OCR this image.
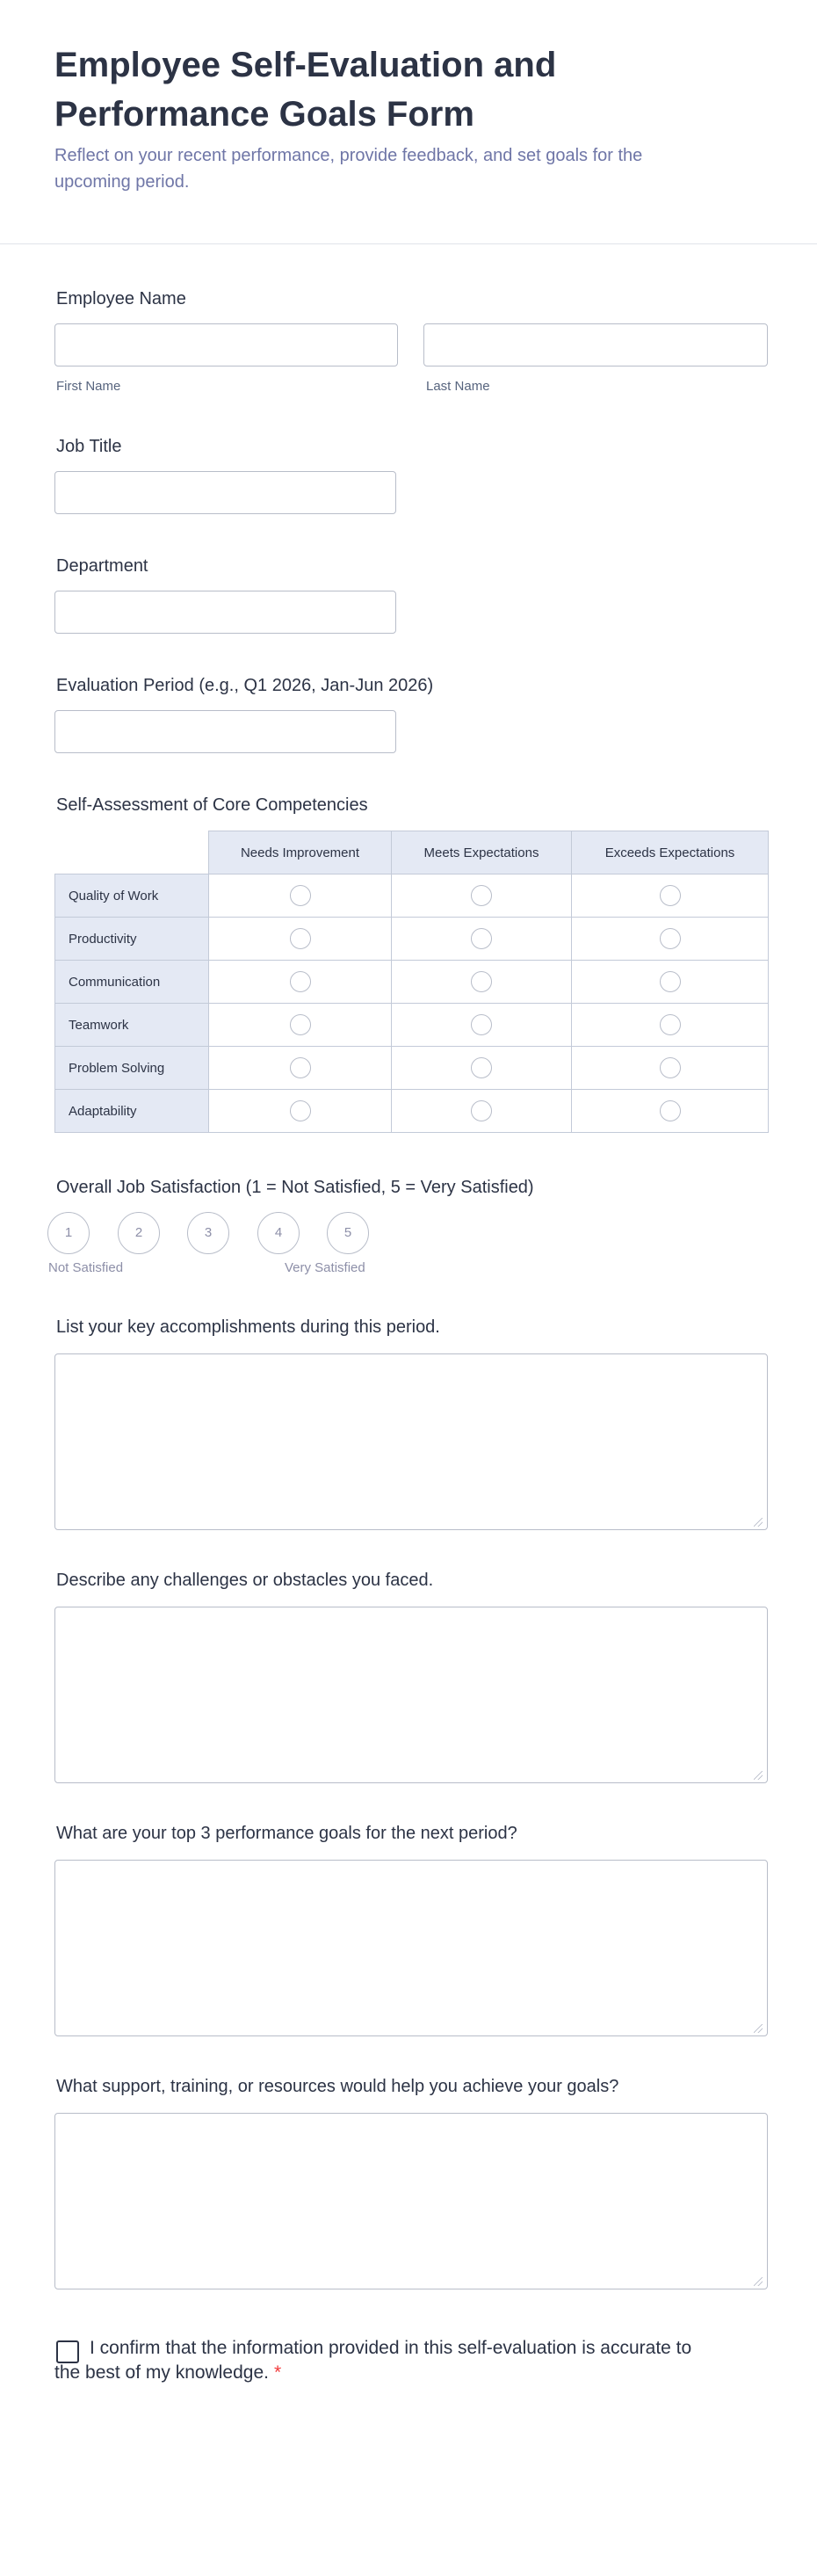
Employee Self-Evaluation and Performance Goals Form

Reflect on your recent performance, provide feedback, and set goals for the upcoming period.

Employee Name
First Name	Last Name
Job Title
Department
Evaluation Period (e.g., Q1 2026, Jan-Jun 2026)
Self-Assessment of Core Competencies
	Needs Improvement	Meets Expectations	Exceeds Expectations
Quality of Work			
Productivity			
Communication			
Teamwork			
Problem Solving			
Adaptability			
Overall Job Satisfaction (1 = Not Satisfied, 5 = Very Satisfied)
1	2	3	4	5
Not Satisfied	Very Satisfied
List your key accomplishments during this period.
Describe any challenges or obstacles you faced.
What are your top 3 performance goals for the next period?
What support, training, or resources would help you achieve your goals?

I confirm that the information provided in this self-evaluation is accurate to the best of my knowledge. *
